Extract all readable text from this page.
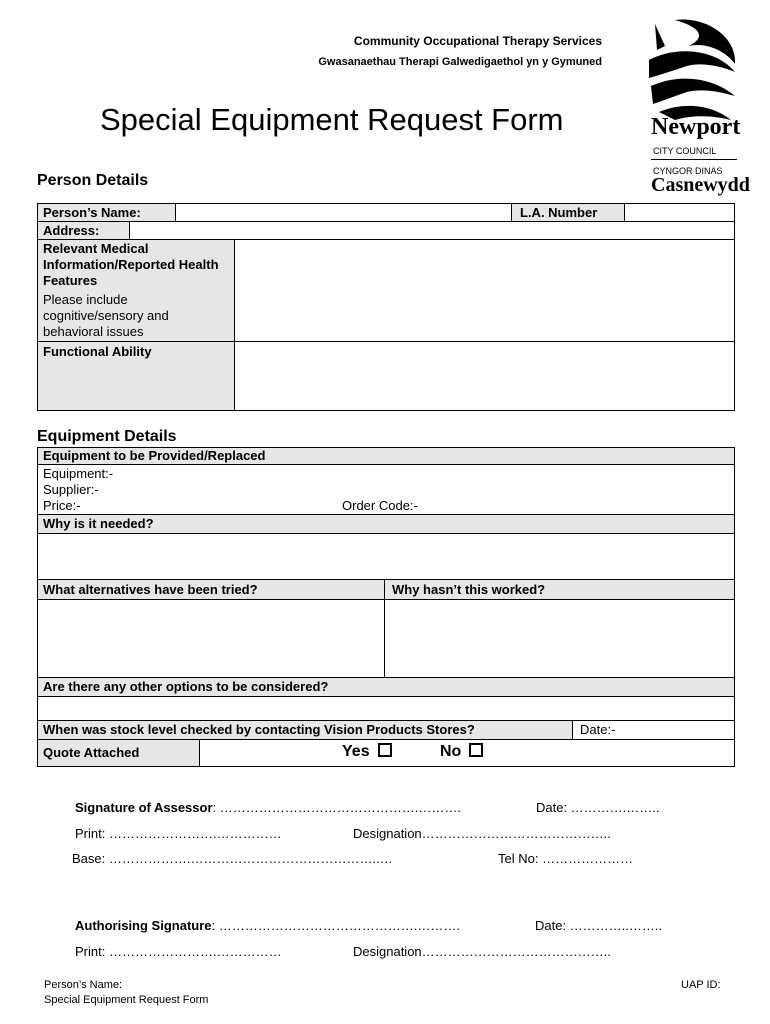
Community Occupational Therapy Services
Gwasanaethau Therapi Galwedigaethol yn y Gymuned
Special Equipment Request Form	Newport
CITY COUNCIL
CYNGOR DINAS
Casnewydd
Person Details
Person’s Name:	L.A. Number
Address:
Relevant Medical Information/Reported Health Features
Please include cognitive/sensory and behavioral issues
Functional Ability
Equipment Details
Equipment to be Provided/Replaced
Equipment:-
Supplier:-
Price:-	Order Code:-
Why is it needed?
What alternatives have been tried?	Why hasn’t this worked?
Are there any other options to be considered?
When was stock level checked by contacting Vision Products Stores?	Date:-
Quote Attached	Yes	No
Signature of Assessor: ……………………………………….……….	Date: ………….……..
Print: …………………….……………	Designation……………………………………..
Base: ……………….……………………………………..…	Tel No: …………………
Authorising Signature: ……………………………………….……….	Date: …………..……..
Print: …………………….……………	Designation……………………………………..
Person’s Name:
Special Equipment Request Form
UAP ID:
